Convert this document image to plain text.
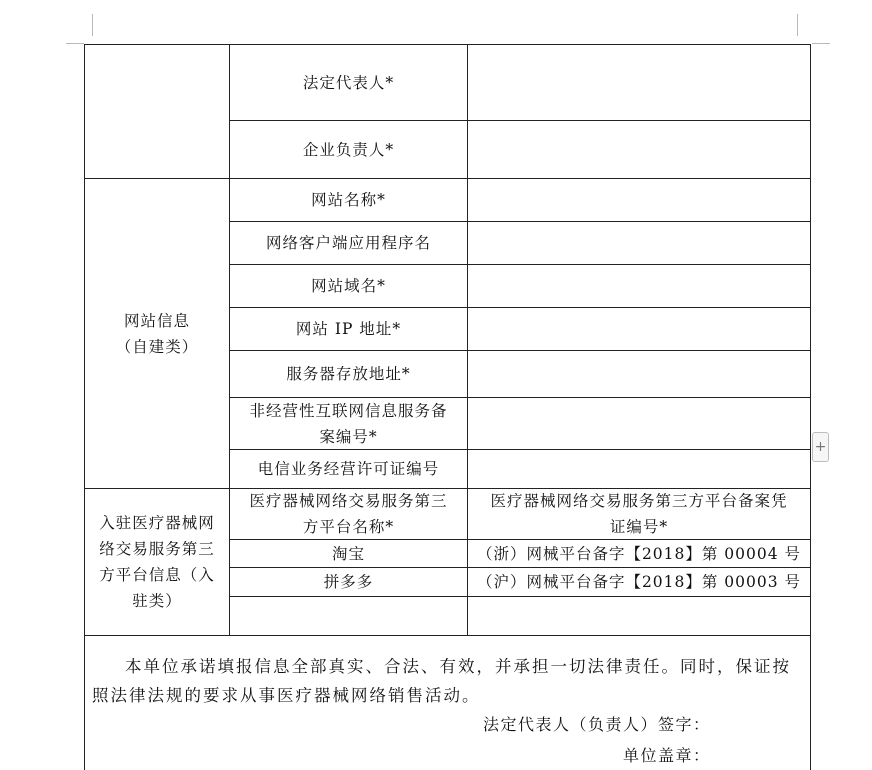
法定代表人*
企业负责人*
网站信息
（自建类）
网站名称*
网络客户端应用程序名
网站域名*
网站 IP 地址*
服务器存放地址*
非经营性互联网信息服务备
案编号*
电信业务经营许可证编号
入驻医疗器械网
络交易服务第三
方平台信息（入
驻类）
医疗器械网络交易服务第三
方平台名称*
医疗器械网络交易服务第三方平台备案凭
证编号*
淘宝	（浙）网械平台备字【2018】第 00004 号
拼多多	（沪）网械平台备字【2018】第 00003 号
+
本单位承诺填报信息全部真实、合法、有效，并承担一切法律责任。同时，保证按照法律法规的要求从事医疗器械网络销售活动。
法定代表人（负责人）签字：
单位盖章：
